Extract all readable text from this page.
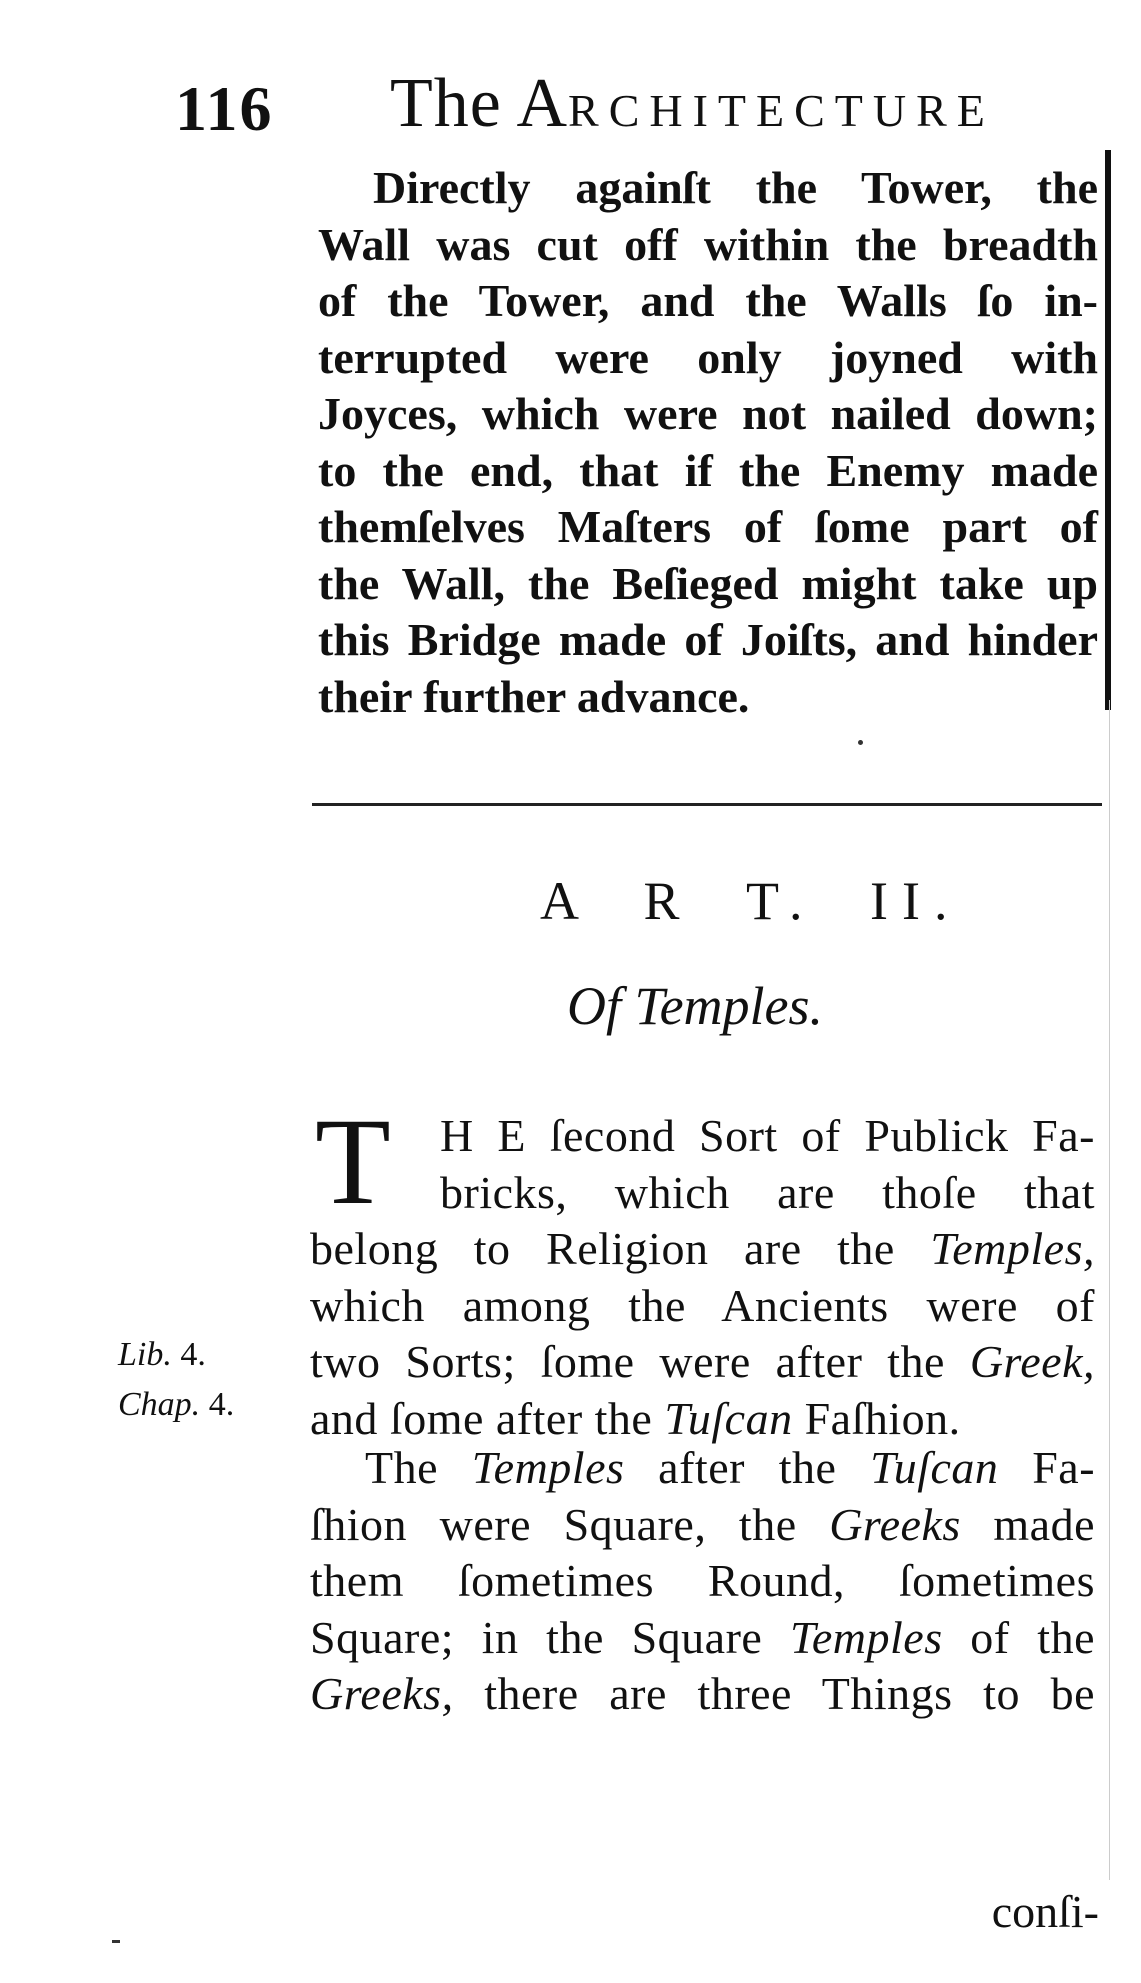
116 The ARCHITECTURE
Directly againſt the Tower, the
Wall was cut off within the breadth
of the Tower, and the Walls ſo in-
terrupted were only joyned with
Joyces, which were not nailed down;
to the end, that if the Enemy made
themſelves Maſters of ſome part of
the Wall, the Beſieged might take up
this Bridge made of Joiſts, and hinder
their further advance.
A R T. II.
Of Temples.
T	H E ſecond Sort of Publick Fa-
bricks, which are thoſe that
belong to Religion are the Temples,
which among the Ancients were of
two Sorts; ſome were after the Greek,
and ſome after the Tuſcan Faſhion.
Lib. 4.
Chap. 4.
The Temples after the Tuſcan Fa-
ſhion were Square, the Greeks made
them ſometimes Round, ſometimes
Square; in the Square Temples of the
Greeks, there are three Things to be
conſi-
